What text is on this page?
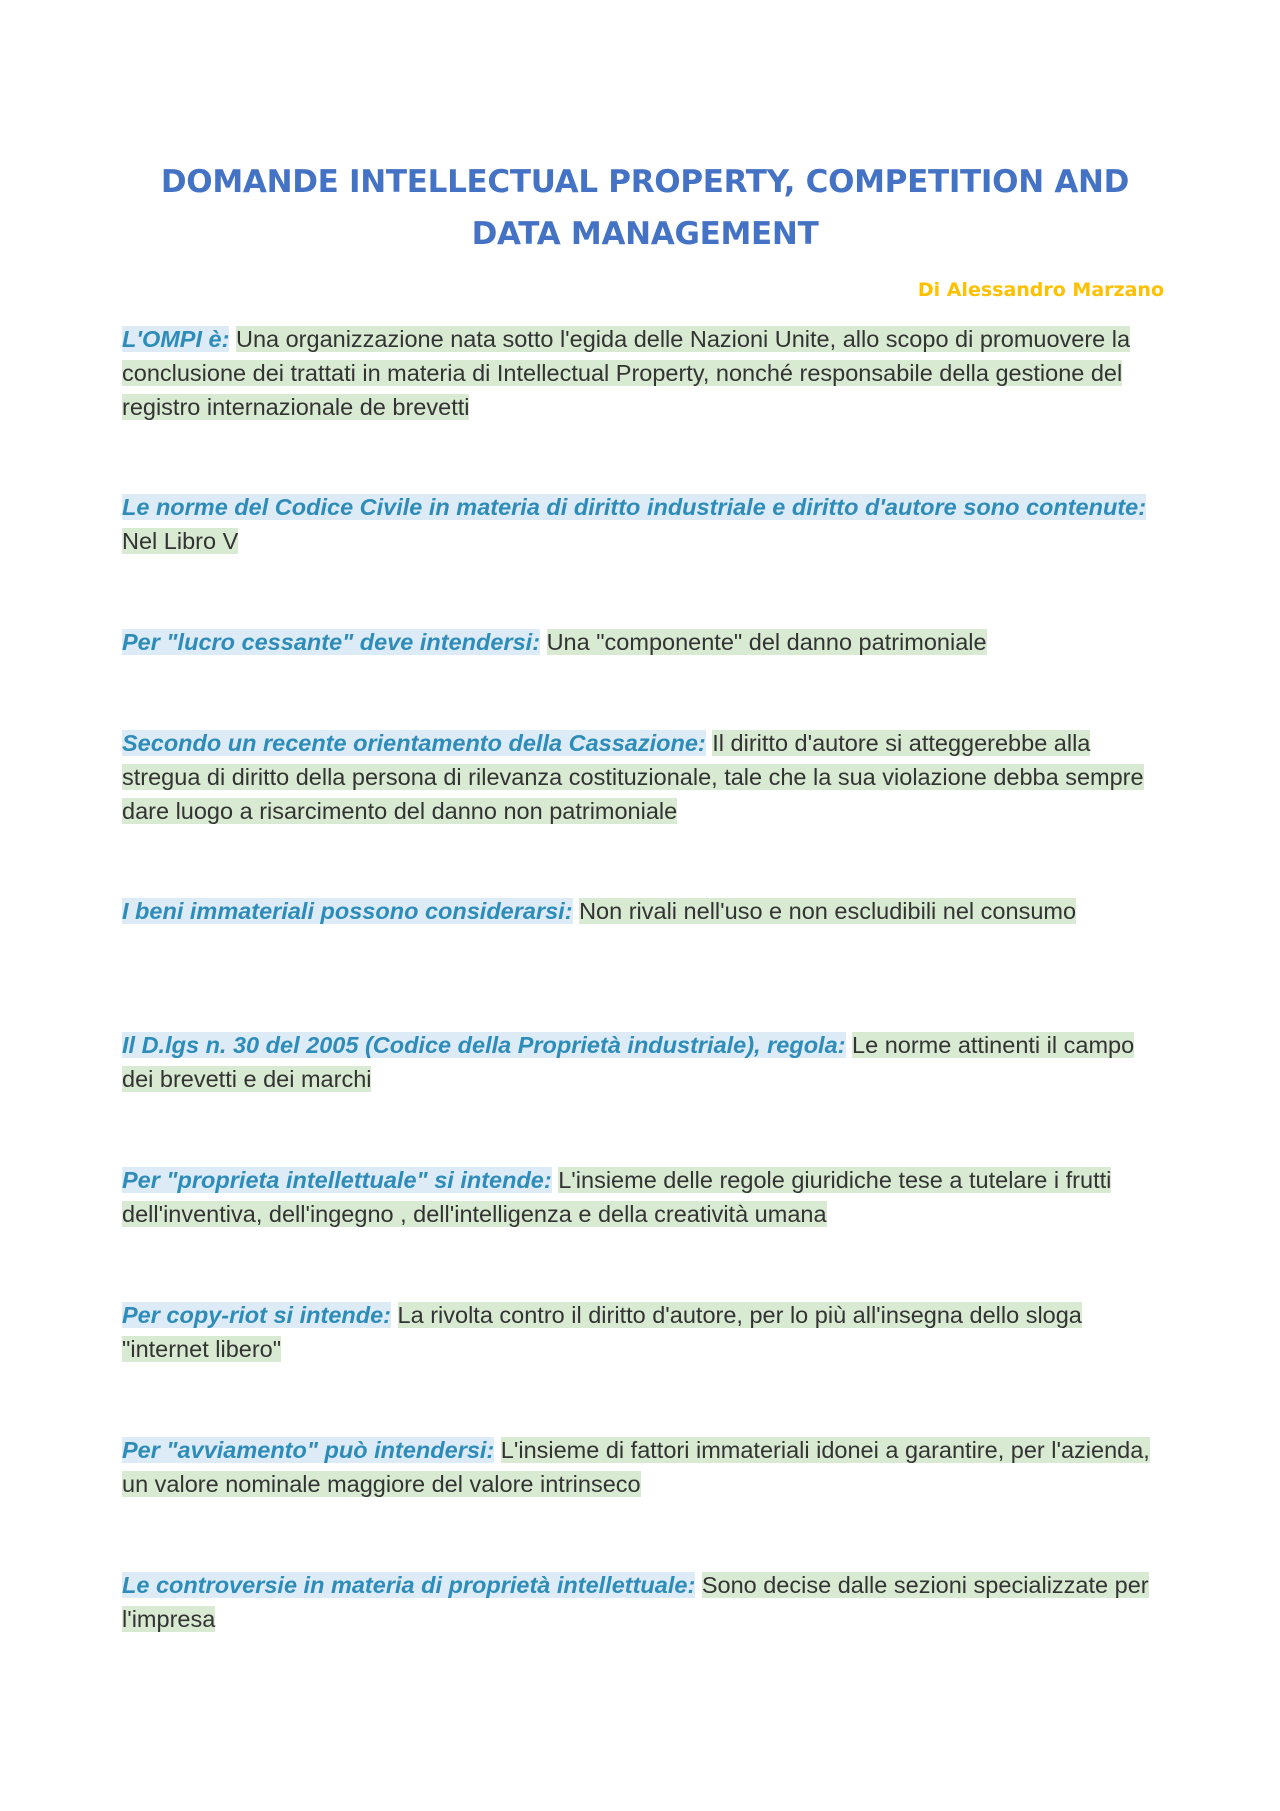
DOMANDE INTELLECTUAL PROPERTY, COMPETITION AND DATA MANAGEMENT
Di Alessandro Marzano
L'OMPI è: Una organizzazione nata sotto l'egida delle Nazioni Unite, allo scopo di promuovere la conclusione dei trattati in materia di Intellectual Property, nonché responsabile della gestione del registro internazionale de brevetti
Le norme del Codice Civile in materia di diritto industriale e diritto d'autore sono contenute: Nel Libro V
Per "lucro cessante" deve intendersi: Una "componente" del danno patrimoniale
Secondo un recente orientamento della Cassazione: Il diritto d'autore si atteggerebbe alla stregua di diritto della persona di rilevanza costituzionale, tale che la sua violazione debba sempre dare luogo a risarcimento del danno non patrimoniale
I beni immateriali possono considerarsi: Non rivali nell'uso e non escludibili nel consumo
Il D.lgs n. 30 del 2005 (Codice della Proprietà industriale), regola: Le norme attinenti il campo dei brevetti e dei marchi
Per "proprieta intellettuale" si intende: L'insieme delle regole giuridiche tese a tutelare i frutti dell'inventiva, dell'ingegno , dell'intelligenza e della creatività umana
Per copy-riot si intende: La rivolta contro il diritto d'autore, per lo più all'insegna dello sloga "internet libero"
Per "avviamento" può intendersi: L'insieme di fattori immateriali idonei a garantire, per l'azienda, un valore nominale maggiore del valore intrinseco
Le controversie in materia di proprietà intellettuale: Sono decise dalle sezioni specializzate per l'impresa
